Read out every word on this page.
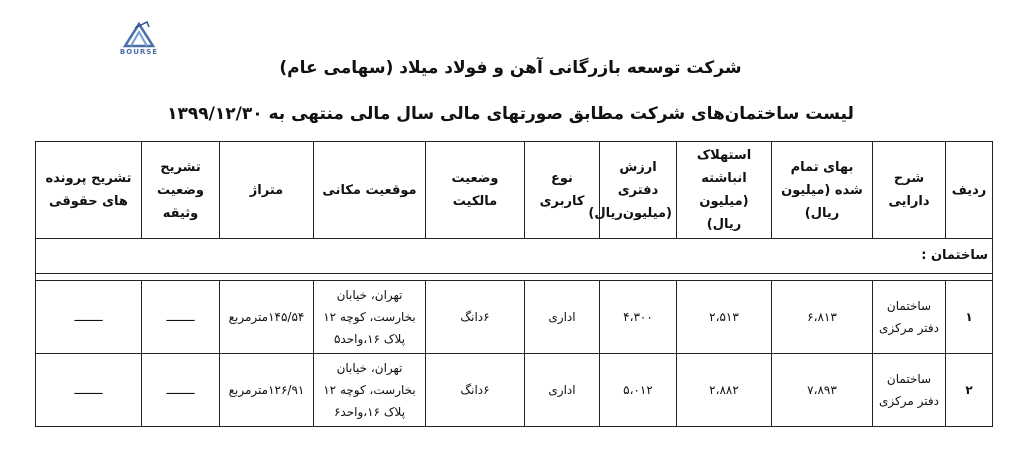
BOURSE
شرکت توسعه بازرگانی آهن و فولاد میلاد (سهامی عام)
لیست ساختمان‌های شرکت مطابق صورتهای مالی سال مالی منتهی به ۱۳۹۹/۱۲/۳۰
ردیف	شرح دارایی	بهای تمام شده (میلیون ریال)	استهلاک انباشته (میلیون ریال)	ارزش دفتری (میلیون‌ریال)	نوع کاربری	وضعیت مالکیت	موقعیت مکانی	متراژ	تشریح وضعیت وثیقه	تشریح پرونده های حقوقی
ساختمان :										

۱	ساختمان دفتر مرکزی	۶،۸۱۳	۲،۵۱۳	۴،۳۰۰	اداری	۶دانگ	تهران، خیابان
بخارست، کوچه ۱۲
پلاک ۱۶،واحد۵	۱۴۵/۵۴مترمربع	ــــــــ	ــــــــ
۲	ساختمان دفتر مرکزی	۷،۸۹۳	۲،۸۸۲	۵،۰۱۲	اداری	۶دانگ	تهران، خیابان
بخارست، کوچه ۱۲
پلاک ۱۶،واحد۶	۱۲۶/۹۱مترمربع	ــــــــ	ــــــــ
